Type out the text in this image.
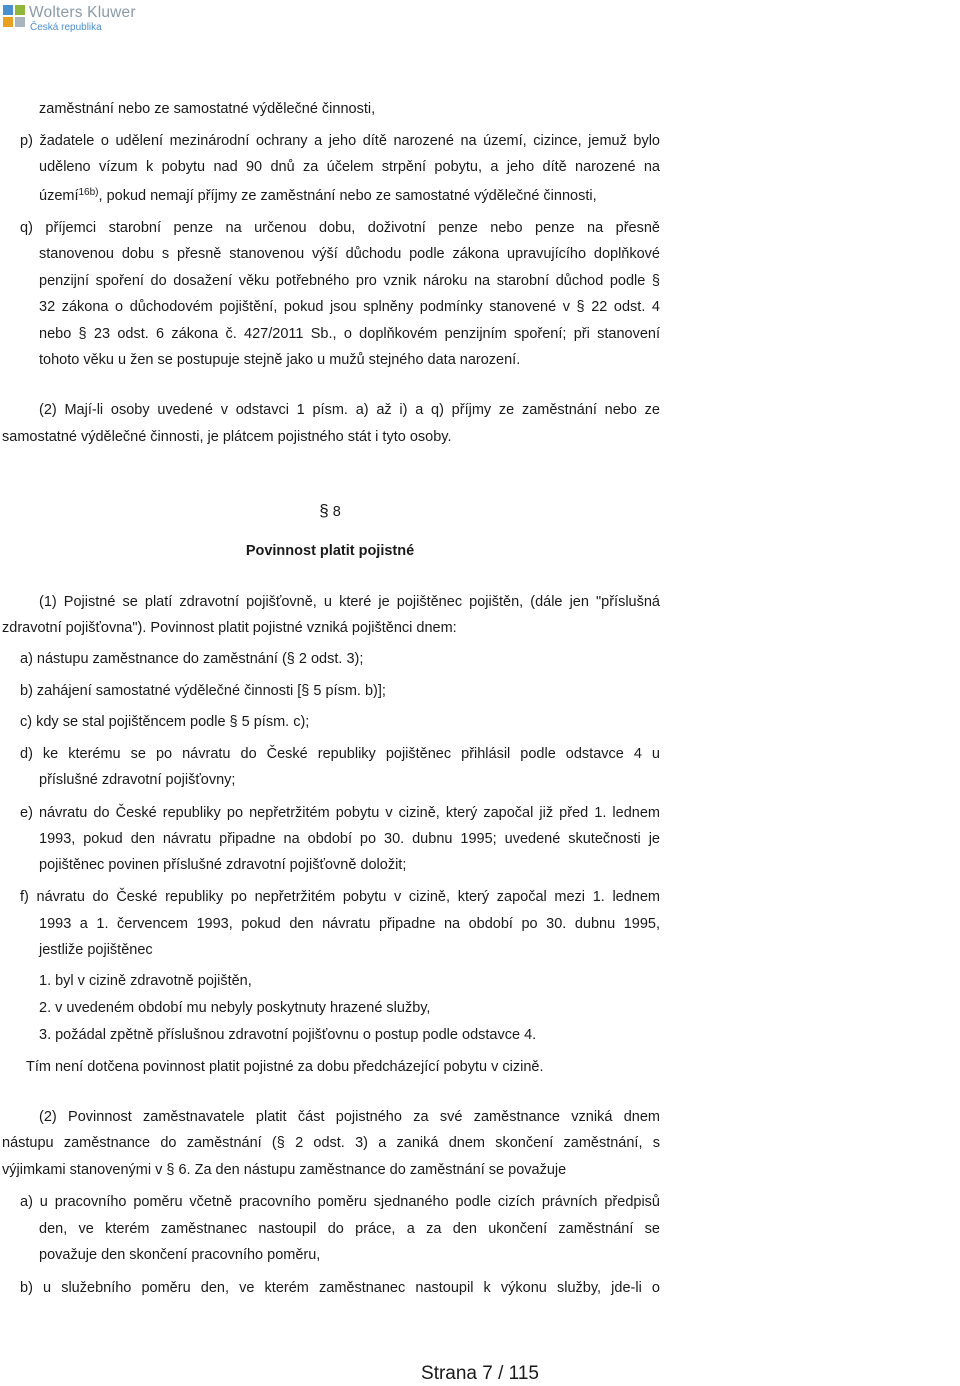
Wolters Kluwer
Česká republika
zaměstnání nebo ze samostatné výdělečné činnosti,
p) žadatele o udělení mezinárodní ochrany a jeho dítě narozené na území, cizince, jemuž bylo
uděleno vízum k pobytu nad 90 dnů za účelem strpění pobytu, a jeho dítě narozené na
území$^{16b)}$, pokud nemají příjmy ze zaměstnání nebo ze samostatné výdělečné činnosti,
q) příjemci starobní penze na určenou dobu, doživotní penze nebo penze na přesně
stanovenou dobu s přesně stanovenou výší důchodu podle zákona upravujícího doplňkové
penzijní spoření do dosažení věku potřebného pro vznik nároku na starobní důchod podle §
32 zákona o důchodovém pojištění, pokud jsou splněny podmínky stanovené v § 22 odst. 4
nebo § 23 odst. 6 zákona č. 427/2011 Sb., o doplňkovém penzijním spoření; při stanovení
tohoto věku u žen se postupuje stejně jako u mužů stejného data narození.
(2) Mají-li osoby uvedené v odstavci 1 písm. a) až i) a q) příjmy ze zaměstnání nebo ze
samostatné výdělečné činnosti, je plátcem pojistného stát i tyto osoby.
§ 8
Povinnost platit pojistné
(1) Pojistné se platí zdravotní pojišťovně, u které je pojištěnec pojištěn, (dále jen "příslušná
zdravotní pojišťovna"). Povinnost platit pojistné vzniká pojištěnci dnem:
a) nástupu zaměstnance do zaměstnání (§ 2 odst. 3);
b) zahájení samostatné výdělečné činnosti [§ 5 písm. b)];
c) kdy se stal pojištěncem podle § 5 písm. c);
d) ke kterému se po návratu do České republiky pojištěnec přihlásil podle odstavce 4 u
příslušné zdravotní pojišťovny;
e) návratu do České republiky po nepřetržitém pobytu v cizině, který započal již před 1. lednem
1993, pokud den návratu připadne na období po 30. dubnu 1995; uvedené skutečnosti je
pojištěnec povinen příslušné zdravotní pojišťovně doložit;
f) návratu do České republiky po nepřetržitém pobytu v cizině, který započal mezi 1. lednem
1993 a 1. červencem 1993, pokud den návratu připadne na období po 30. dubnu 1995,
jestliže pojištěnec
1. byl v cizině zdravotně pojištěn,
2. v uvedeném období mu nebyly poskytnuty hrazené služby,
3. požádal zpětně příslušnou zdravotní pojišťovnu o postup podle odstavce 4.
Tím není dotčena povinnost platit pojistné za dobu předcházející pobytu v cizině.
(2) Povinnost zaměstnavatele platit část pojistného za své zaměstnance vzniká dnem
nástupu zaměstnance do zaměstnání (§ 2 odst. 3) a zaniká dnem skončení zaměstnání, s
výjimkami stanovenými v § 6. Za den nástupu zaměstnance do zaměstnání se považuje
a) u pracovního poměru včetně pracovního poměru sjednaného podle cizích právních předpisů
den, ve kterém zaměstnanec nastoupil do práce, a za den ukončení zaměstnání se
považuje den skončení pracovního poměru,
b) u služebního poměru den, ve kterém zaměstnanec nastoupil k výkonu služby, jde-li o
Strana 7 / 115
